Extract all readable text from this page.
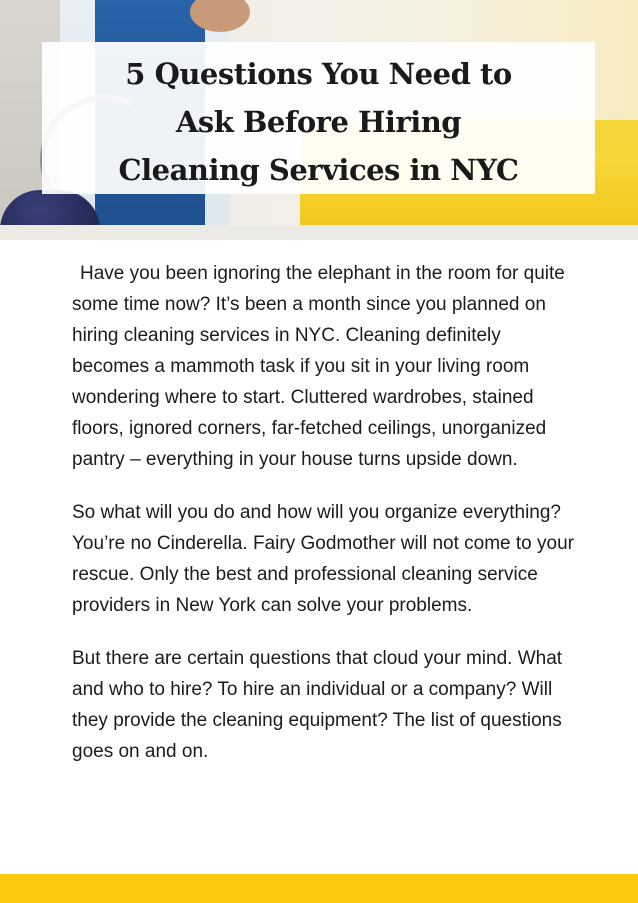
5 Questions You Need to
Ask Before Hiring
Cleaning Services in NYC

Have you been ignoring the elephant in the room for quite some time now? It’s been a month since you planned on hiring cleaning services in NYC. Cleaning definitely becomes a mammoth task if you sit in your living room wondering where to start. Cluttered wardrobes, stained floors, ignored corners, far-fetched ceilings, unorganized pantry – everything in your house turns upside down.

So what will you do and how will you organize everything? You’re no Cinderella. Fairy Godmother will not come to your rescue. Only the best and professional cleaning service providers in New York can solve your problems.

But there are certain questions that cloud your mind. What and who to hire? To hire an individual or a company? Will they provide the cleaning equipment? The list of questions goes on and on.
